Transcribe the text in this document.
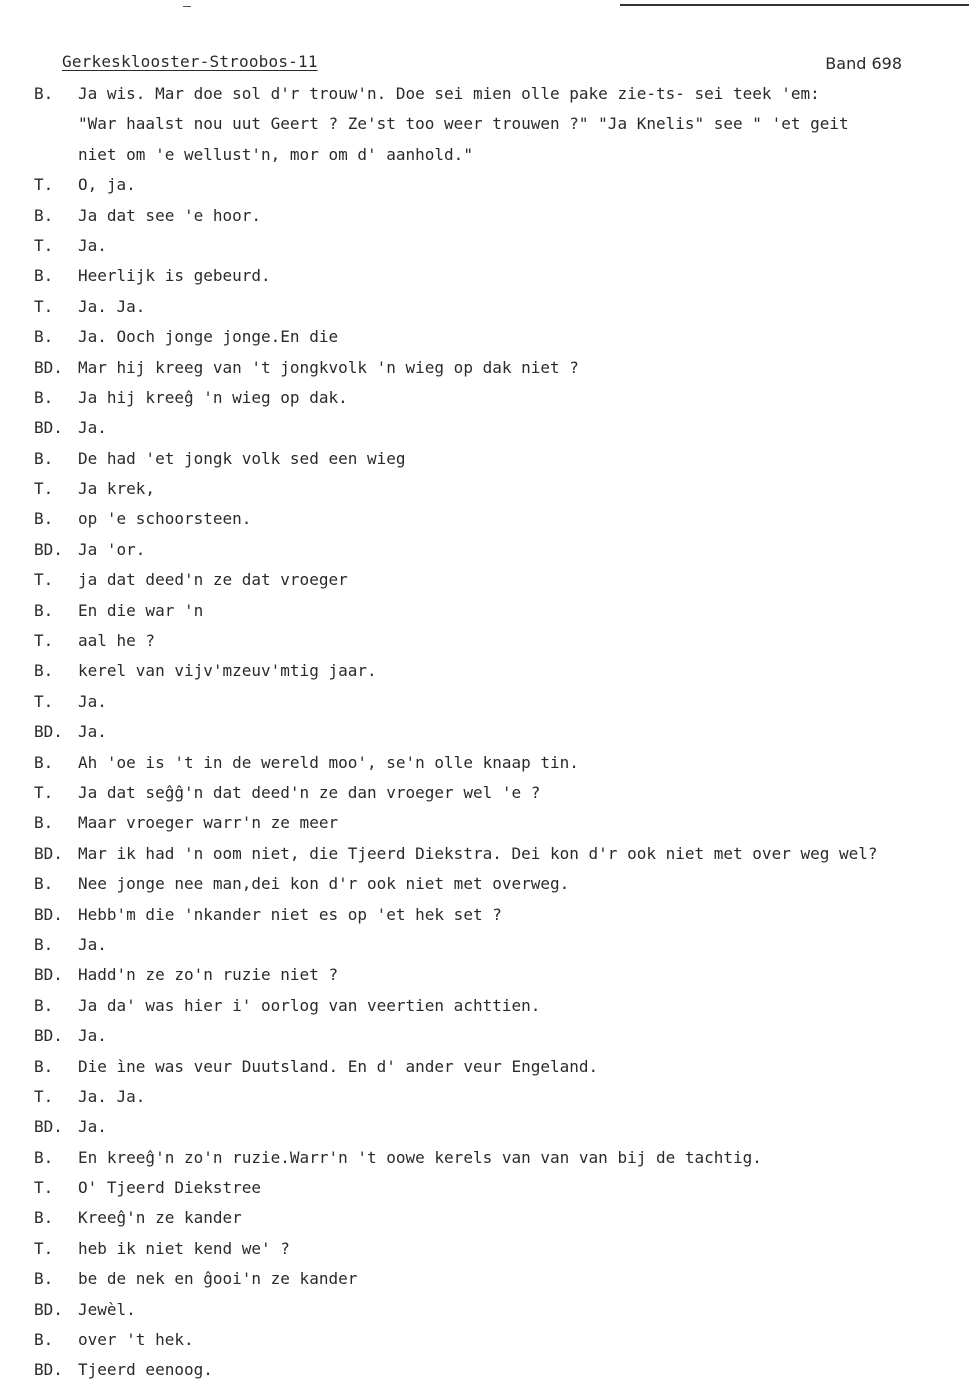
Gerkesklooster-Stroobos-11	Band 698
B.	Ja wis. Mar doe sol d'r trouw'n. Doe sei mien olle pake zie-ts- sei teek 'em:
"War haalst nou uut Geert ? Ze'st too weer trouwen ?" "Ja Knelis" see " 'et geit
niet om 'e wellust'n, mor om d' aanhold."
T.	O, ja.
B.	Ja dat see 'e hoor.
T.	Ja.
B.	Heerlijk is gebeurd.
T.	Ja. Ja.
B.	Ja. Ooch jonge jonge.En die
BD. Mar hij kreeg van 't jongkvolk 'n wieg op dak niet ?
B.	Ja hij kreeĝ 'n wieg op dak.
BD. Ja.
B.	De had 'et jongk volk sed een wieg
T.	Ja krek,
B.	op 'e schoorsteen.
BD. Ja 'or.
T.	ja dat deed'n ze dat vroeger
B.	En die war 'n
T.	aal he ?
B.	kerel van vijv'mzeuv'mtig jaar.
T.	Ja.
BD. Ja.
B.	Ah 'oe is 't in de wereld moo', se'n olle knaap tin.
T.	Ja dat seĝĝ'n dat deed'n ze dan vroeger wel 'e ?
B.	Maar vroeger warr'n ze meer
BD. Mar ik had 'n oom niet, die Tjeerd Diekstra. Dei kon d'r ook niet met over weg wel?
B.	Nee jonge nee man,dei kon d'r ook niet met overweg.
BD. Hebb'm die 'nkander niet es op 'et hek set ?
B.	Ja.
BD. Hadd'n ze zo'n ruzie niet ?
B.	Ja da' was hier i' oorlog van veertien achttien.
BD. Ja.
B.	Die ìne was veur Duutsland. En d' ander veur Engeland.
T.	Ja. Ja.
BD. Ja.
B.	En kreeĝ'n zo'n ruzie.Warr'n 't oowe kerels van van van bij de tachtig.
T.	O' Tjeerd Diekstree
B.	Kreeĝ'n ze kander
T.	heb ik niet kend we' ?
B.	be de nek en ĝooi'n ze kander
BD. Jewèl.
B.	over 't hek.
BD. Tjeerd eenoog.
